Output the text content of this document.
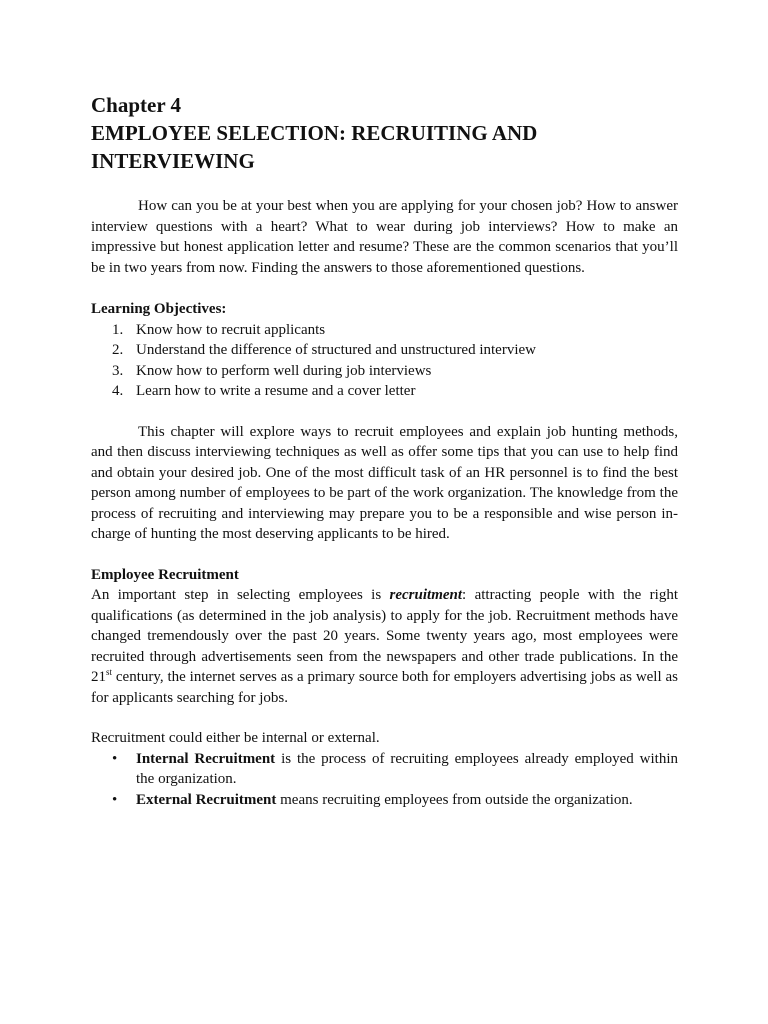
Chapter 4
EMPLOYEE SELECTION: RECRUITING AND INTERVIEWING

How can you be at your best when you are applying for your chosen job? How to answer interview questions with a heart? What to wear during job interviews? How to make an impressive but honest application letter and resume? These are the common scenarios that you’ll be in two years from now. Finding the answers to those aforementioned questions.

Learning Objectives:

1. Know how to recruit applicants
2. Understand the difference of structured and unstructured interview
3. Know how to perform well during job interviews
4. Learn how to write a resume and a cover letter

This chapter will explore ways to recruit employees and explain job hunting methods, and then discuss interviewing techniques as well as offer some tips that you can use to help find and obtain your desired job. One of the most difficult task of an HR personnel is to find the best person among number of employees to be part of the work organization. The knowledge from the process of recruiting and interviewing may prepare you to be a responsible and wise person in-charge of hunting the most deserving applicants to be hired.

Employee Recruitment

An important step in selecting employees is recruitment: attracting people with the right qualifications (as determined in the job analysis) to apply for the job. Recruitment methods have changed tremendously over the past 20 years. Some twenty years ago, most employees were recruited through advertisements seen from the newspapers and other trade publications. In the 21st century, the internet serves as a primary source both for employers advertising jobs as well as for applicants searching for jobs.

Recruitment could either be internal or external.

• Internal Recruitment is the process of recruiting employees already employed within the organization.
• External Recruitment means recruiting employees from outside the organization.
